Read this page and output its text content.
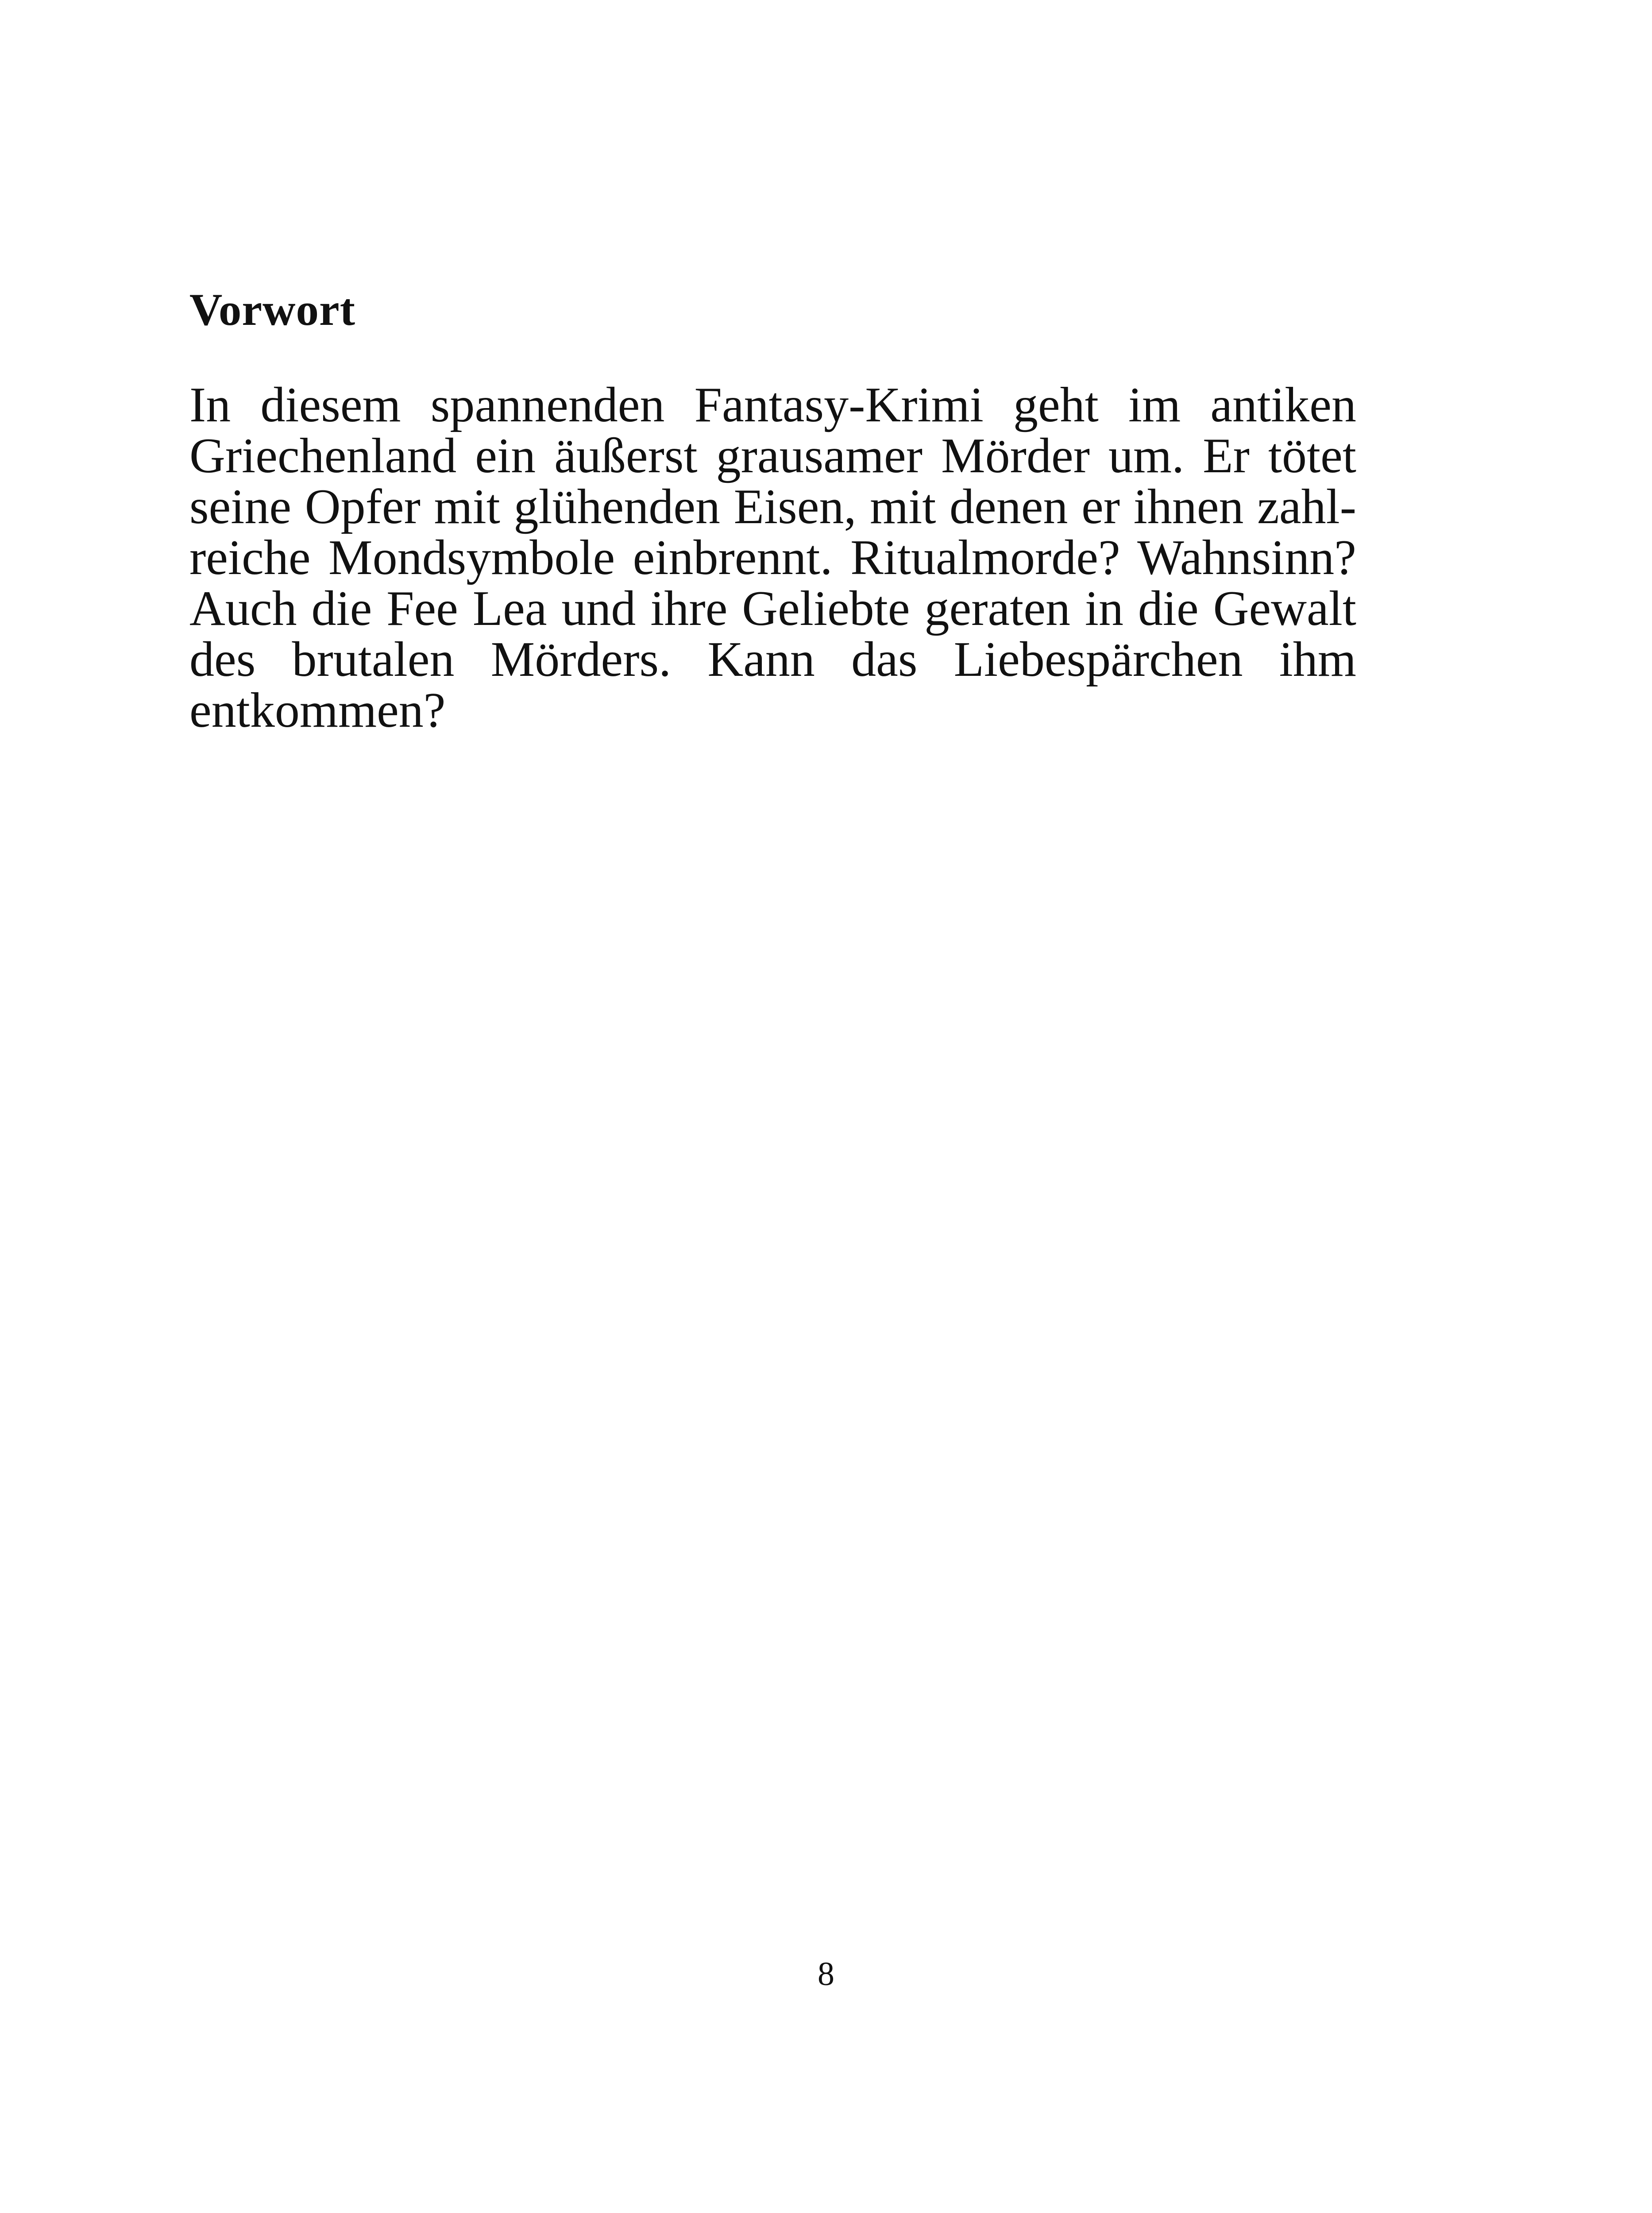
Vorwort

In diesem spannenden Fantasy-Krimi geht im antiken
Griechenland ein äußerst grausamer Mörder um. Er tötet
seine Opfer mit glühenden Eisen, mit denen er ihnen zahl-
reiche Mondsymbole einbrennt. Ritualmorde? Wahnsinn?
Auch die Fee Lea und ihre Geliebte geraten in die Gewalt
des brutalen Mörders. Kann das Liebespärchen ihm
entkommen?

8
